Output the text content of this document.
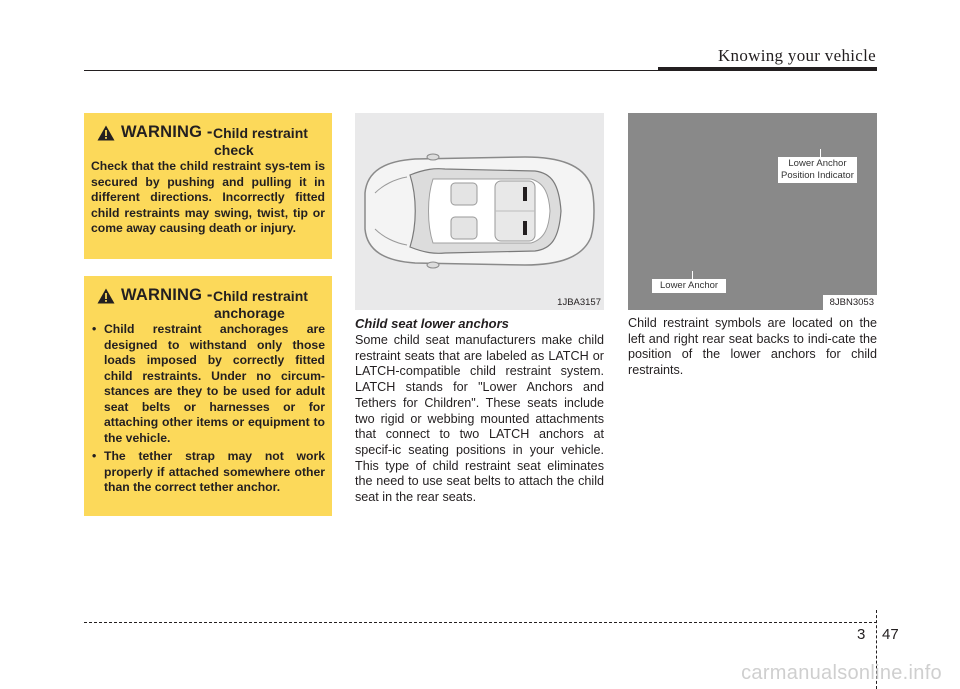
Knowing your vehicle
WARNING - Child restraint
check
Check that the child restraint sys-tem is secured by pushing and pulling it in different directions. Incorrectly fitted child restraints may swing, twist, tip or come away causing death or injury.
WARNING - Child restraint
anchorage
• Child restraint anchorages are designed to withstand only those loads imposed by correctly fitted child restraints. Under no circum-stances are they to be used for adult seat belts or harnesses or for attaching other items or equipment to the vehicle.
• The tether strap may not work properly if attached somewhere other than the correct tether anchor.
1JBA3157
Lower Anchor
Position Indicator
Lower Anchor
8JBN3053
Child seat lower anchors
Some child seat manufacturers make child restraint seats that are labeled as LATCH or LATCH-compatible child restraint system. LATCH stands for "Lower Anchors and Tethers for Children". These seats include two rigid or webbing mounted attachments that connect to two LATCH anchors at specif-ic seating positions in your vehicle. This type of child restraint seat eliminates the need to use seat belts to attach the child seat in the rear seats.
Child restraint symbols are located on the left and right rear seat backs to indi-cate the position of the lower anchors for child restraints.
3 47
carmanualsonline.info
